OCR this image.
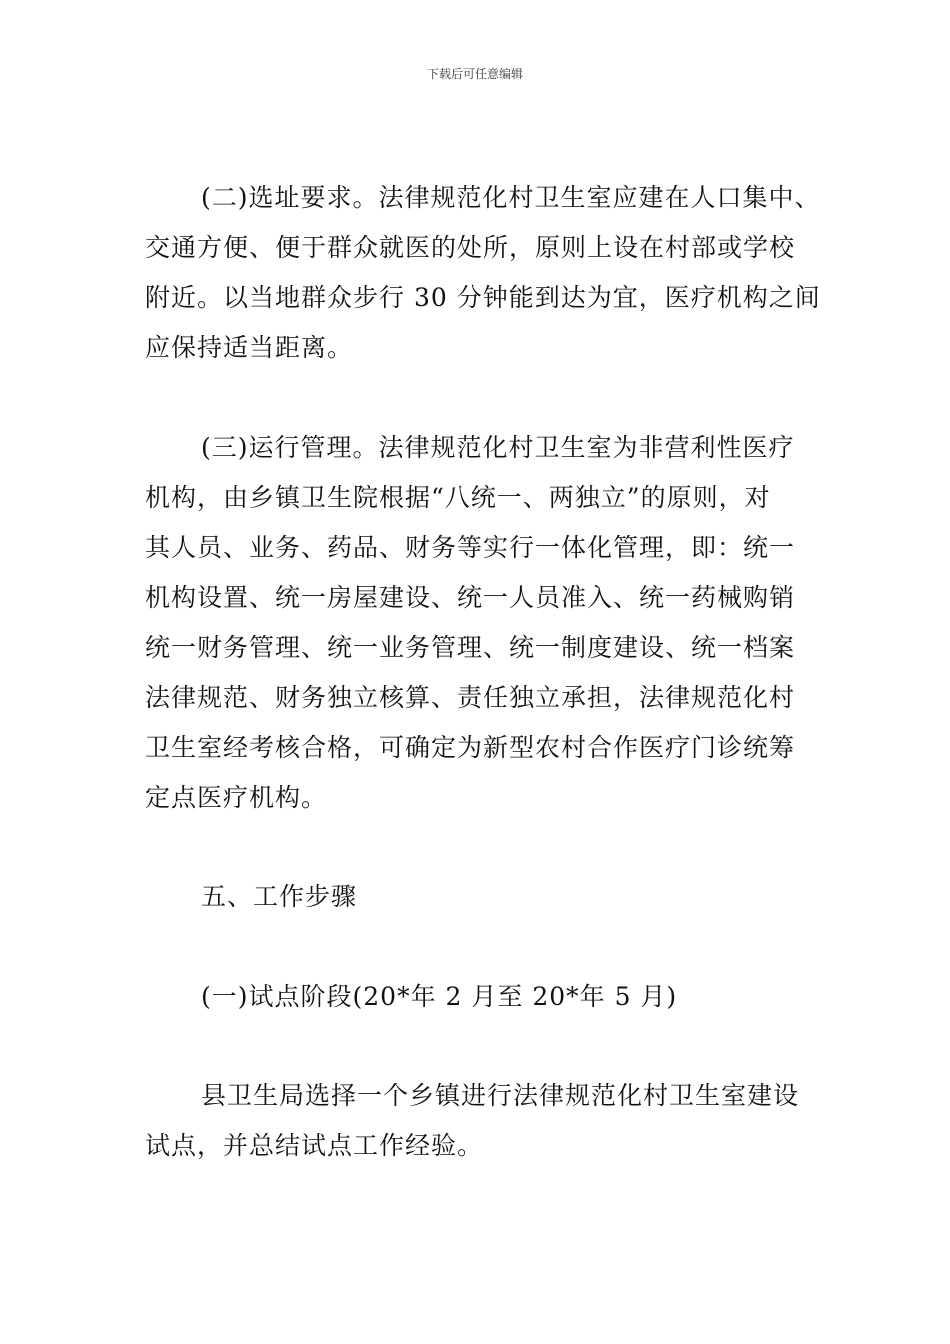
下载后可任意编辑
(二)选址要求。法律规范化村卫生室应建在人口集中、
交通方便、便于群众就医的处所，原则上设在村部或学校
附近。以当地群众步行 30 分钟能到达为宜，医疗机构之间
应保持适当距离。
(三)运行管理。法律规范化村卫生室为非营利性医疗
机构，由乡镇卫生院根据“八统一、两独立”的原则，对
其人员、业务、药品、财务等实行一体化管理，即：统一
机构设置、统一房屋建设、统一人员准入、统一药械购销
统一财务管理、统一业务管理、统一制度建设、统一档案
法律规范、财务独立核算、责任独立承担，法律规范化村
卫生室经考核合格，可确定为新型农村合作医疗门诊统筹
定点医疗机构。
五、工作步骤
(一)试点阶段(20*年 2 月至 20*年 5 月)
县卫生局选择一个乡镇进行法律规范化村卫生室建设
试点，并总结试点工作经验。
